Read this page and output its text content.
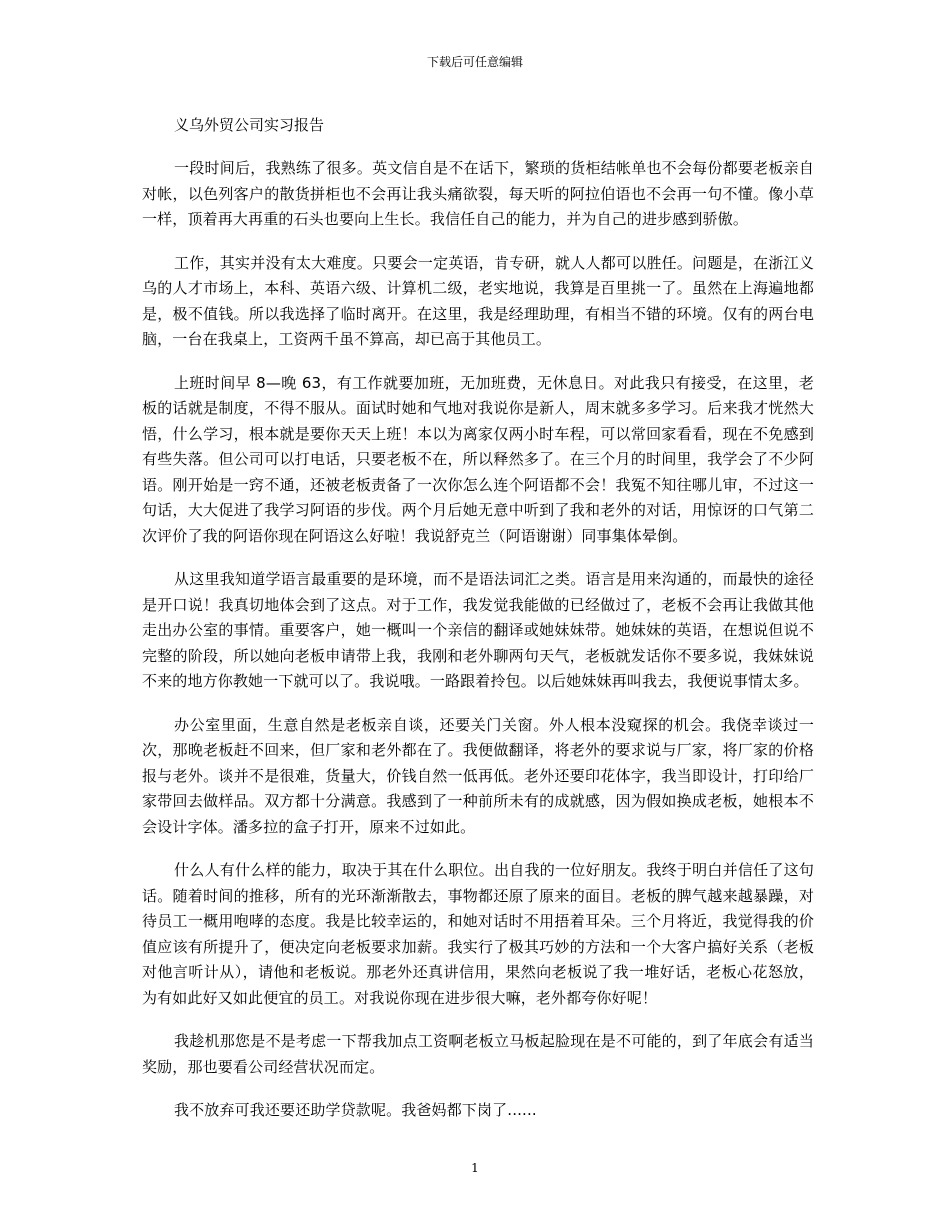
下载后可任意编辑

义乌外贸公司实习报告

一段时间后，我熟练了很多。英文信自是不在话下，繁琐的货柜结帐单也不会每份都要老板亲自对帐，以色列客户的散货拼柜也不会再让我头痛欲裂，每天听的阿拉伯语也不会再一句不懂。像小草一样，顶着再大再重的石头也要向上生长。我信任自己的能力，并为自己的进步感到骄傲。

工作，其实并没有太大难度。只要会一定英语，肯专研，就人人都可以胜任。问题是，在浙江义乌的人才市场上，本科、英语六级、计算机二级，老实地说，我算是百里挑一了。虽然在上海遍地都是，极不值钱。所以我选择了临时离开。在这里，我是经理助理，有相当不错的环境。仅有的两台电脑，一台在我桌上，工资两千虽不算高，却已高于其他员工。

上班时间早 8—晚 63，有工作就要加班，无加班费，无休息日。对此我只有接受，在这里，老板的话就是制度，不得不服从。面试时她和气地对我说你是新人，周末就多多学习。后来我才恍然大悟，什么学习，根本就是要你天天上班！本以为离家仅两小时车程，可以常回家看看，现在不免感到有些失落。但公司可以打电话，只要老板不在，所以释然多了。在三个月的时间里，我学会了不少阿语。刚开始是一窍不通，还被老板责备了一次你怎么连个阿语都不会！我冤不知往哪儿审，不过这一句话，大大促进了我学习阿语的步伐。两个月后她无意中听到了我和老外的对话，用惊讶的口气第二次评价了我的阿语你现在阿语这么好啦！我说舒克兰（阿语谢谢）同事集体晕倒。

从这里我知道学语言最重要的是环境，而不是语法词汇之类。语言是用来沟通的，而最快的途径是开口说！我真切地体会到了这点。对于工作，我发觉我能做的已经做过了，老板不会再让我做其他走出办公室的事情。重要客户，她一概叫一个亲信的翻译或她妹妹带。她妹妹的英语，在想说但说不完整的阶段，所以她向老板申请带上我，我刚和老外聊两句天气，老板就发话你不要多说，我妹妹说不来的地方你教她一下就可以了。我说哦。一路跟着拎包。以后她妹妹再叫我去，我便说事情太多。

办公室里面，生意自然是老板亲自谈，还要关门关窗。外人根本没窥探的机会。我侥幸谈过一次，那晚老板赶不回来，但厂家和老外都在了。我便做翻译，将老外的要求说与厂家，将厂家的价格报与老外。谈并不是很难，货量大，价钱自然一低再低。老外还要印花体字，我当即设计，打印给厂家带回去做样品。双方都十分满意。我感到了一种前所未有的成就感，因为假如换成老板，她根本不会设计字体。潘多拉的盒子打开，原来不过如此。

什么人有什么样的能力，取决于其在什么职位。出自我的一位好朋友。我终于明白并信任了这句话。随着时间的推移，所有的光环渐渐散去，事物都还原了原来的面目。老板的脾气越来越暴躁，对待员工一概用咆哮的态度。我是比较幸运的，和她对话时不用捂着耳朵。三个月将近，我觉得我的价值应该有所提升了，便决定向老板要求加薪。我实行了极其巧妙的方法和一个大客户搞好关系（老板对他言听计从），请他和老板说。那老外还真讲信用，果然向老板说了我一堆好话，老板心花怒放，为有如此好又如此便宜的员工。对我说你现在进步很大嘛，老外都夸你好呢！

我趁机那您是不是考虑一下帮我加点工资啊老板立马板起脸现在是不可能的，到了年底会有适当奖励，那也要看公司经营状况而定。

我不放弃可我还要还助学贷款呢。我爸妈都下岗了......

1
